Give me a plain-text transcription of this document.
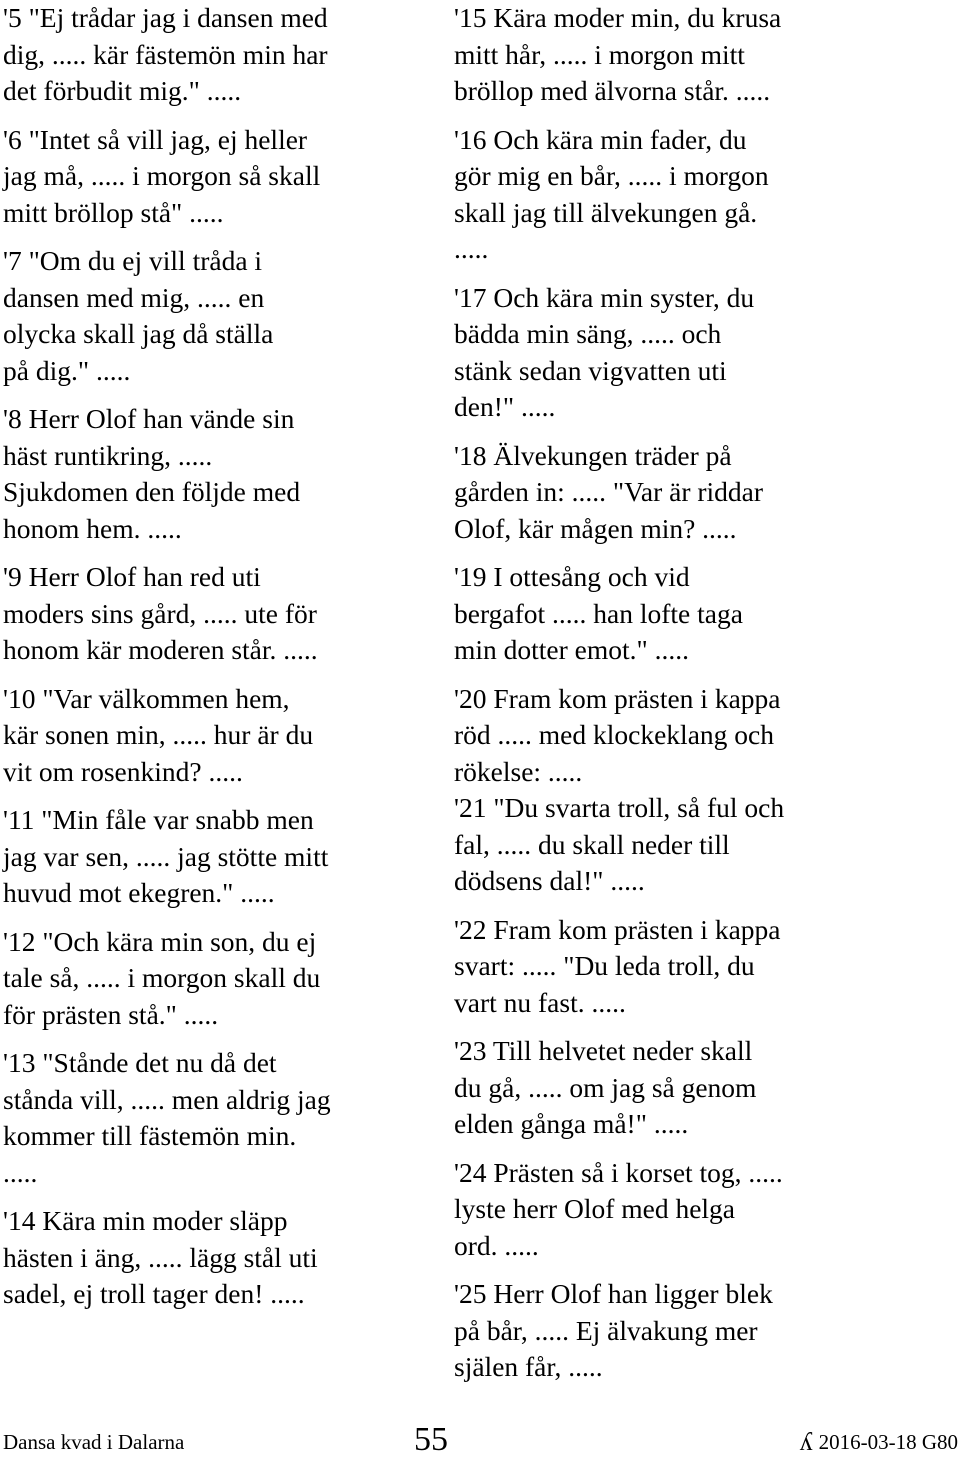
'5 "Ej trådar jag i dansen med
dig, ..... kär fästemön min har
det förbudit mig." .....

'6 "Intet så vill jag, ej heller
jag må, ..... i morgon så skall
mitt bröllop stå" .....

'7 "Om du ej vill tråda i
dansen med mig, ..... en
olycka skall jag då ställa
på dig." .....

'8 Herr Olof han vände sin
häst runtikring, .....
Sjukdomen den följde med
honom hem. .....

'9 Herr Olof han red uti
moders sins gård, ..... ute för
honom kär moderen står. .....

'10 "Var välkommen hem,
kär sonen min, ..... hur är du
vit om rosenkind? .....

'11 "Min fåle var snabb men
jag var sen, ..... jag stötte mitt
huvud mot ekegren." .....

'12 "Och kära min son, du ej
tale så, ..... i morgon skall du
för prästen stå." .....

'13 "Stånde det nu då det
stånda vill, ..... men aldrig jag
kommer till fästemön min.
.....

'14 Kära min moder släpp
hästen i äng, ..... lägg stål uti
sadel, ej troll tager den! .....

'15 Kära moder min, du krusa
mitt hår, ..... i morgon mitt
bröllop med älvorna står. .....

'16 Och kära min fader, du
gör mig en bår, ..... i morgon
skall jag till älvekungen gå.
.....

'17 Och kära min syster, du
bädda min säng, ..... och
stänk sedan vigvatten uti
den!" .....

'18 Älvekungen träder på
gården in: ..... "Var är riddar
Olof, kär mågen min? .....

'19 I ottesång och vid
bergafot ..... han lofte taga
min dotter emot." .....

'20 Fram kom prästen i kappa
röd ..... med klockeklang och
rökelse: .....
'21 "Du svarta troll, så ful och
fal, ..... du skall neder till
dödsens dal!" .....

'22 Fram kom prästen i kappa
svart: ..... "Du leda troll, du
vart nu fast. .....

'23 Till helvetet neder skall
du gå, ..... om jag så genom
elden gånga må!" .....

'24 Prästen så i korset tog, .....
lyste herr Olof med helga
ord. .....

'25 Herr Olof han ligger blek
på bår, ..... Ej älvakung mer
själen får, .....

Dansa kvad i Dalarna	55	ʎ 2016-03-18 G80
